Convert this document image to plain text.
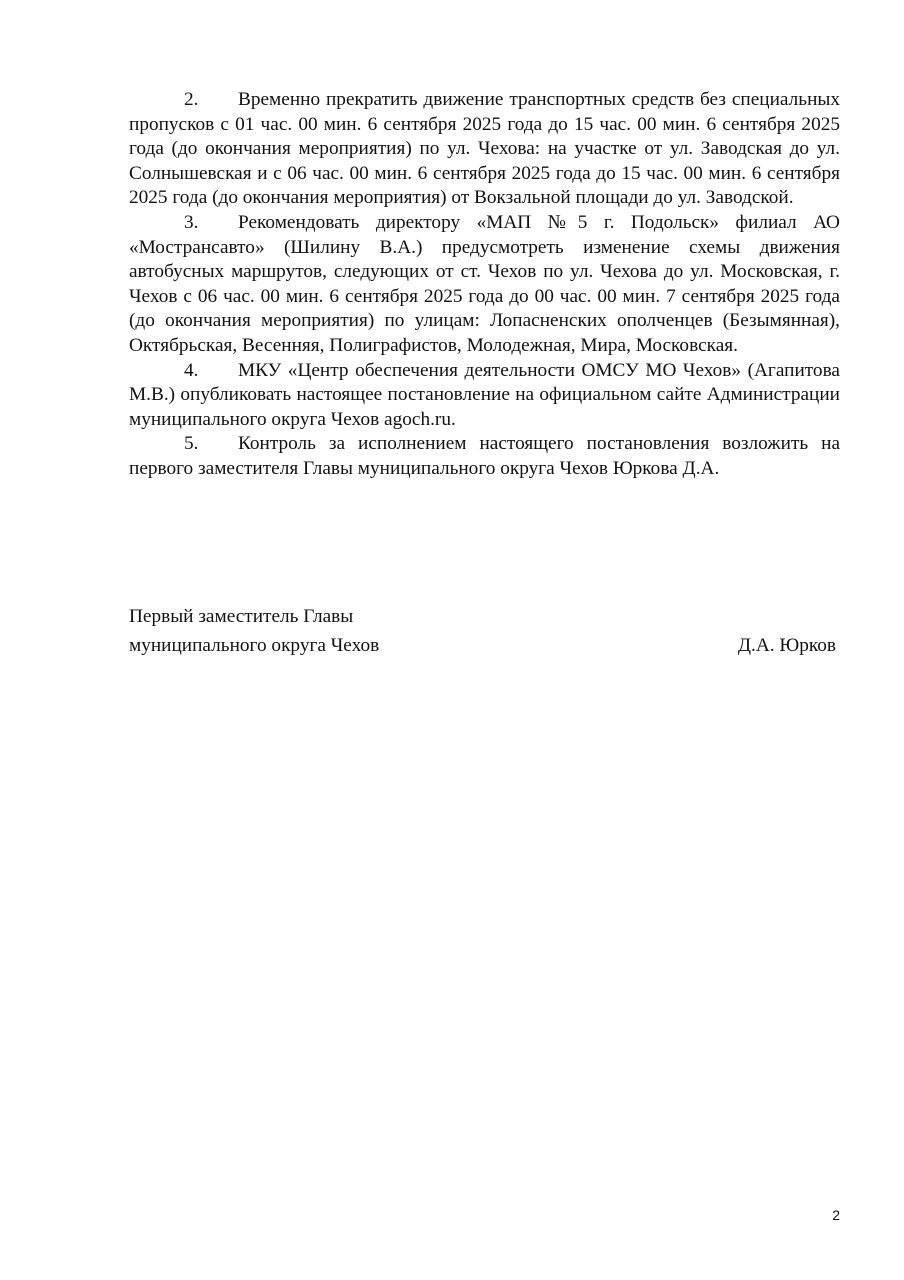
2. Временно прекратить движение транспортных средств без специальных пропусков с 01 час. 00 мин. 6 сентября 2025 года до 15 час. 00 мин. 6 сентября 2025 года (до окончания мероприятия) по ул. Чехова: на участке от ул. Заводская до ул. Солнышевская и с 06 час. 00 мин. 6 сентября 2025 года до 15 час. 00 мин. 6 сентября 2025 года (до окончания мероприятия) от Вокзальной площади до ул. Заводской.

3. Рекомендовать директору «МАП №5 г. Подольск» филиал АО «Мострансавто» (Шилину В.А.) предусмотреть изменение схемы движения автобусных маршрутов, следующих от ст. Чехов по ул. Чехова до ул. Московская, г. Чехов с 06 час. 00 мин. 6 сентября 2025 года до 00 час. 00 мин. 7 сентября 2025 года (до окончания мероприятия) по улицам: Лопасненских ополченцев (Безымянная), Октябрьская, Весенняя, Полиграфистов, Молодежная, Мира, Московская.

4. МКУ «Центр обеспечения деятельности ОМСУ МО Чехов» (Агапитова М.В.) опубликовать настоящее постановление на официальном сайте Администрации муниципального округа Чехов agoch.ru.

5. Контроль за исполнением настоящего постановления возложить на первого заместителя Главы муниципального округа Чехов Юркова Д.А.

Первый заместитель Главы
муниципального округа Чехов	Д.А. Юрков
2
